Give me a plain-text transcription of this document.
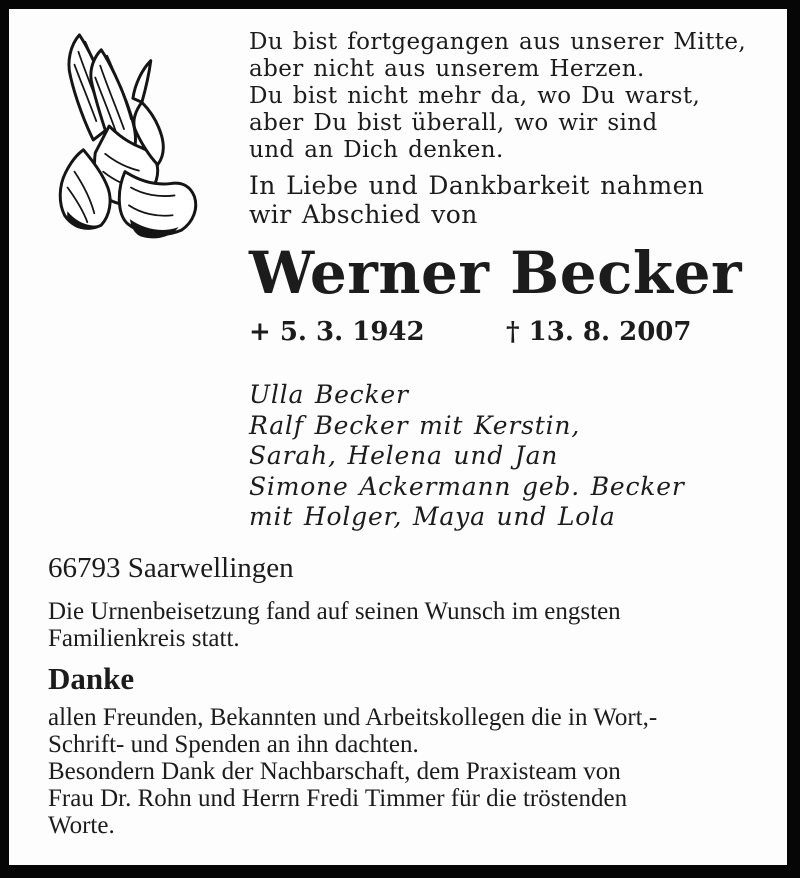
Du bist fortgegangen aus unserer Mitte,
aber nicht aus unserem Herzen.
Du bist nicht mehr da, wo Du warst,
aber Du bist überall, wo wir sind
und an Dich denken.
In Liebe und Dankbarkeit nahmen
wir Abschied von
Werner Becker
+ 5. 3. 1942	† 13. 8. 2007
Ulla Becker
Ralf Becker mit Kerstin,
Sarah, Helena und Jan
Simone Ackermann geb. Becker
mit Holger, Maya und Lola
66793 Saarwellingen
Die Urnenbeisetzung fand auf seinen Wunsch im engsten
Familienkreis statt.
Danke
allen Freunden, Bekannten und Arbeitskollegen die in Wort,-
Schrift- und Spenden an ihn dachten.
Besondern Dank der Nachbarschaft, dem Praxisteam von
Frau Dr. Rohn und Herrn Fredi Timmer für die tröstenden
Worte.
